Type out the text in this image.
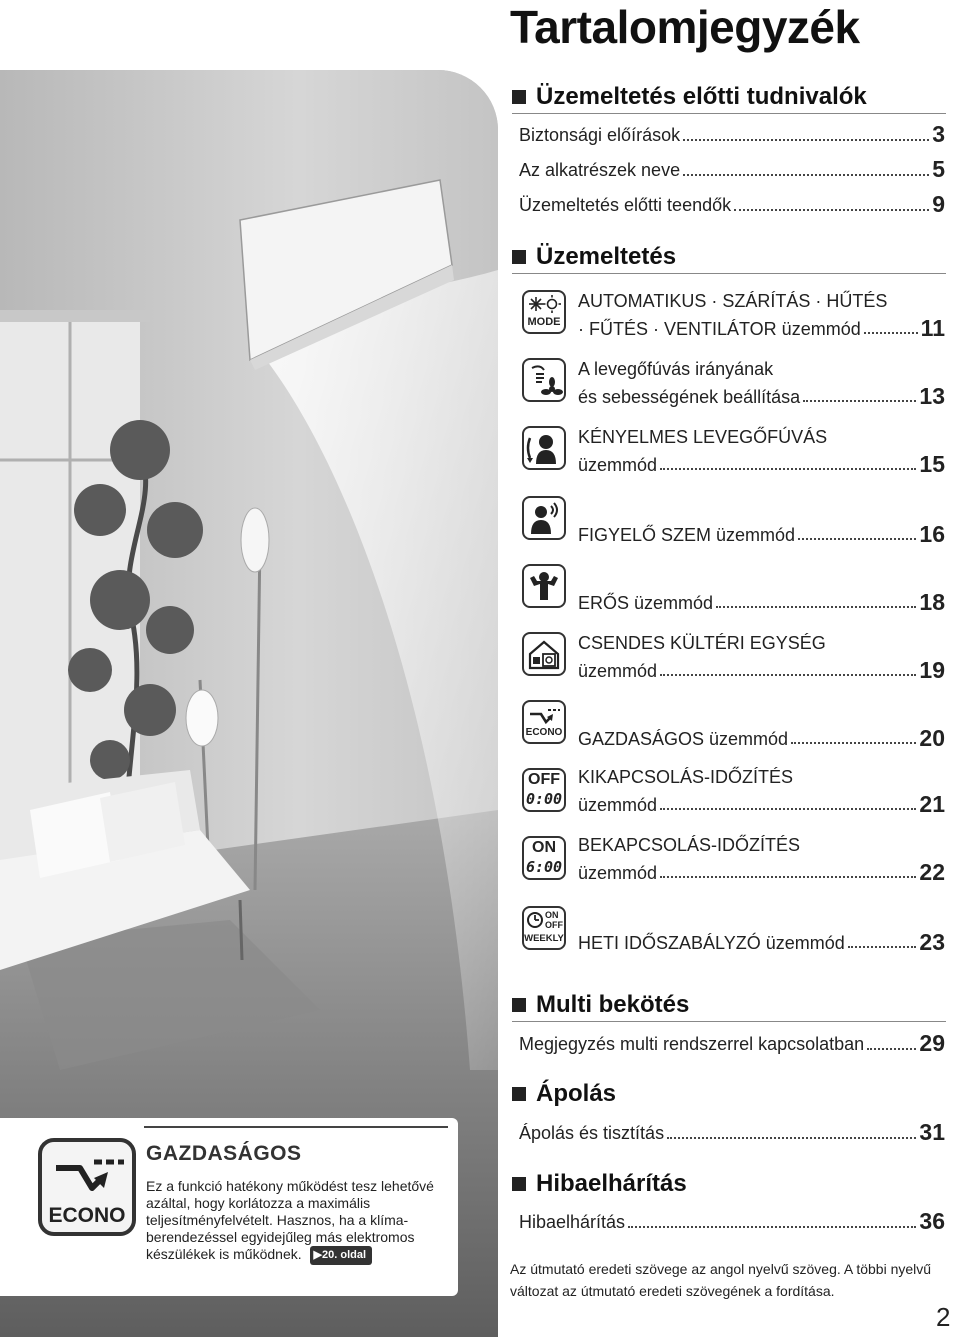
ECONO
GAZDASÁGOS
Ez a funkció hatékony működést tesz lehetővé azáltal, hogy korlátozza a maximális teljesítményfelvételt. Hasznos, ha a klíma-berendezéssel egyidejűleg más elektromos készülékek is működnek. ▶20. oldal
Tartalomjegyzék
Üzemeltetés előtti tudnivalók
Biztonsági előírások	3
Az alkatrészek neve	5
Üzemeltetés előtti teendők	9
Üzemeltetés
MODE
AUTOMATIKUS · SZÁRÍTÁS · HŰTÉS
· FŰTÉS · VENTILÁTOR üzemmód	11
A levegőfúvás irányának
és sebességének beállítása	13
KÉNYELMES LEVEGŐFÚVÁS
üzemmód	15
FIGYELŐ SZEM üzemmód	16
ERŐS üzemmód	18
CSENDES KÜLTÉRI EGYSÉG
üzemmód	19
ECONO GAZDASÁGOS üzemmód	20
OFF
0:00
KIKAPCSOLÁS-IDŐZÍTÉS
üzemmód	21
ON
6:00
BEKAPCSOLÁS-IDŐZÍTÉS
üzemmód	22
ON
OFF
WEEKLY HETI IDŐSZABÁLYZÓ üzemmód	23
Multi bekötés
Megjegyzés multi rendszerrel kapcsolatban 29
Ápolás
Ápolás és tisztítás	31
Hibaelhárítás
Hibaelhárítás	36
Az útmutató eredeti szövege az angol nyelvű szöveg. A többi nyelvű változat az útmutató eredeti szövegének a fordítása.
2
